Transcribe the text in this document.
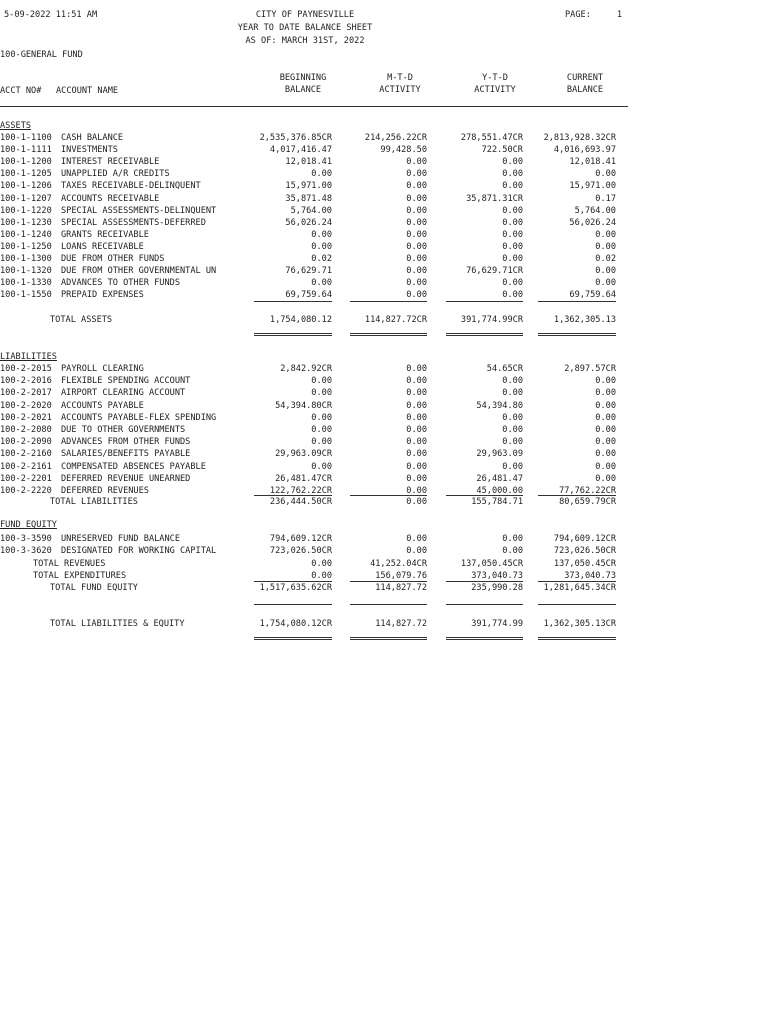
5-09-2022 11:51 AM	CITY OF PAYNESVILLE
YEAR TO DATE BALANCE SHEET
AS OF: MARCH 31ST, 2022
PAGE:	1
100-GENERAL FUND
ACCT NO# ACCOUNT NAME
BEGINNING
BALANCE
M-T-D
ACTIVITY
Y-T-D
ACTIVITY
CURRENT
BALANCE
ASSETS
100-1-1100 CASH BALANCE	2,535,376.85CR	214,256.22CR	278,551.47CR	2,813,928.32CR
100-1-1111 INVESTMENTS	4,017,416.47	99,428.50	722.50CR	4,016,693.97
100-1-1200 INTEREST RECEIVABLE	12,018.41	0.00	0.00	12,018.41
100-1-1205 UNAPPLIED A/R CREDITS	0.00	0.00	0.00	0.00
100-1-1206 TAXES RECEIVABLE-DELINQUENT	15,971.00	0.00	0.00	15,971.00
100-1-1207 ACCOUNTS RECEIVABLE	35,871.48	0.00	35,871.31CR	0.17
100-1-1220 SPECIAL ASSESSMENTS-DELINQUENT	5,764.00	0.00	0.00	5,764.00
100-1-1230 SPECIAL ASSESSMENTS-DEFERRED	56,026.24	0.00	0.00	56,026.24
100-1-1240 GRANTS RECEIVABLE	0.00	0.00	0.00	0.00
100-1-1250 LOANS RECEIVABLE	0.00	0.00	0.00	0.00
100-1-1300 DUE FROM OTHER FUNDS	0.02	0.00	0.00	0.02
100-1-1320 DUE FROM OTHER GOVERNMENTAL UN	76,629.71	0.00	76,629.71CR	0.00
100-1-1330 ADVANCES TO OTHER FUNDS	0.00	0.00	0.00	0.00
100-1-1550 PREPAID EXPENSES	69,759.64	0.00	0.00	69,759.64
TOTAL ASSETS	1,754,080.12	114,827.72CR	391,774.99CR	1,362,305.13
LIABILITIES
100-2-2015 PAYROLL CLEARING	2,842.92CR	0.00	54.65CR	2,897.57CR
100-2-2016 FLEXIBLE SPENDING ACCOUNT	0.00	0.00	0.00	0.00
100-2-2017 AIRPORT CLEARING ACCOUNT	0.00	0.00	0.00	0.00
100-2-2020 ACCOUNTS PAYABLE	54,394.80CR	0.00	54,394.80	0.00
100-2-2021 ACCOUNTS PAYABLE-FLEX SPENDING	0.00	0.00	0.00	0.00
100-2-2080 DUE TO OTHER GOVERNMENTS	0.00	0.00	0.00	0.00
100-2-2090 ADVANCES FROM OTHER FUNDS	0.00	0.00	0.00	0.00
100-2-2160 SALARIES/BENEFITS PAYABLE	29,963.09CR	0.00	29,963.09	0.00
100-2-2161 COMPENSATED ABSENCES PAYABLE	0.00	0.00	0.00	0.00
100-2-2201 DEFERRED REVENUE UNEARNED	26,481.47CR	0.00	26,481.47	0.00
100-2-2220 DEFERRED REVENUES	122,762.22CR	0.00	45,000.00	77,762.22CR
TOTAL LIABILITIES	236,444.50CR	0.00	155,784.71	80,659.79CR
FUND EQUITY
100-3-3590 UNRESERVED FUND BALANCE	794,609.12CR	0.00	0.00	794,609.12CR
100-3-3620 DESIGNATED FOR WORKING CAPITAL	723,026.50CR	0.00	0.00	723,026.50CR
TOTAL REVENUES	0.00	41,252.04CR	137,050.45CR	137,050.45CR
TOTAL EXPENDITURES	0.00	156,079.76	373,040.73	373,040.73
TOTAL FUND EQUITY	1,517,635.62CR	114,827.72	235,990.28	1,281,645.34CR
TOTAL LIABILITIES & EQUITY	1,754,080.12CR	114,827.72	391,774.99	1,362,305.13CR
